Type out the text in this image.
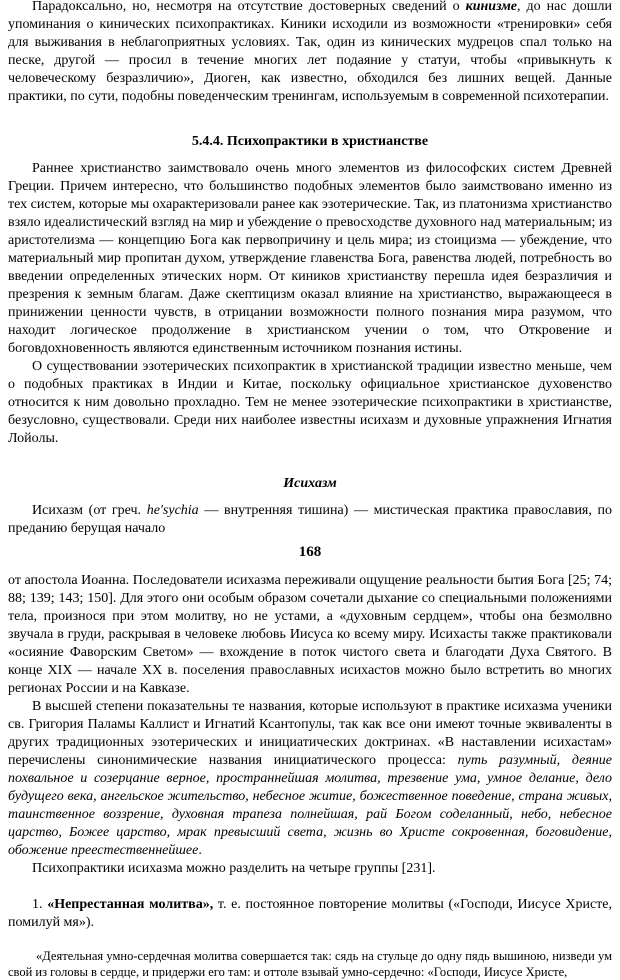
Парадоксально, но, несмотря на отсутствие достоверных сведений о кинизме, до нас дошли упоминания о кинических психопрактиках. Киники исходили из возможности «тренировки» себя для выживания в неблагоприятных условиях. Так, один из кинических мудрецов спал только на песке, другой — просил в течение многих лет подаяние у статуи, чтобы «привыкнуть к человеческому безразличию», Диоген, как известно, обходился без лишних вещей. Данные практики, по сути, подобны поведенческим тренингам, используемым в современной психотерапии.

5.4.4. Психопрактики в христианстве

Раннее христианство заимствовало очень много элементов из философских систем Древней Греции. Причем интересно, что большинство подобных элементов было заимствовано именно из тех систем, которые мы охарактеризовали ранее как эзотерические. Так, из платонизма христианство взяло идеалистический взгляд на мир и убеждение о превосходстве духовного над материальным; из аристотелизма — концепцию Бога как первопричину и цель мира; из стоицизма — убеждение, что материальный мир пропитан духом, утверждение главенства Бога, равенства людей, потребность во введении определенных этических норм. От киников христианству перешла идея безразличия и презрения к земным благам. Даже скептицизм оказал влияние на христианство, выражающееся в принижении ценности чувств, в отрицании возможности полного познания мира разумом, что находит логическое продолжение в христианском учении о том, что Откровение и боговдохновенность являются единственным источником познания истины.

О существовании эзотерических психопрактик в христианской традиции известно меньше, чем о подобных практиках в Индии и Китае, поскольку официальное христианское духовенство относится к ним довольно прохладно. Тем не менее эзотерические психопрактики в христианстве, безусловно, существовали. Среди них наиболее известны исихазм и духовные упражнения Игнатия Лойолы.

Исихазм

Исихазм (от греч. he'sychia — внутренняя тишина) — мистическая практика православия, по преданию берущая начало

168

от апостола Иоанна. Последователи исихазма переживали ощущение реальности бытия Бога [25; 74; 88; 139; 143; 150]. Для этого они особым образом сочетали дыхание со специальными положениями тела, произнося при этом молитву, но не устами, а «духовным сердцем», чтобы она безмолвно звучала в груди, раскрывая в человеке любовь Иисуса ко всему миру. Исихасты также практиковали «осияние Фаворским Светом» — вхождение в поток чистого света и благодати Духа Святого. В конце XIX — начале XX в. поселения православных исихастов можно было встретить во многих регионах России и на Кавказе.

В высшей степени показательны те названия, которые используют в практике исихазма ученики св. Григория Паламы Каллист и Игнатий Ксантопулы, так как все они имеют точные эквиваленты в других традиционных эзотерических и инициатических доктринах. «В наставлении исихастам» перечислены синонимические названия инициатического процесса: путь разумный, деяние похвальное и созерцание верное, пространнейшая молитва, трезвение ума, умное делание, дело будущего века, ангельское жительство, небесное житие, божественное поведение, страна живых, таинственное воззрение, духовная трапеза полнейшая, рай Богом соделанный, небо, небесное царство, Божее царство, мрак превысший света, жизнь во Христе сокровенная, боговидение, обожение преестественнейшее.

Психопрактики исихазма можно разделить на четыре группы [231].

1. «Непрестанная молитва», т. е. постоянное повторение молитвы («Господи, Иисусе Христе, помилуй мя»).

«Деятельная умно-сердечная молитва совершается так: сядь на стульце до одну пядь вышиною, низведи ум свой из головы в сердце, и придержи его там: и оттоле взывай умно-сердечно: «Господи, Иисусе Христе,
